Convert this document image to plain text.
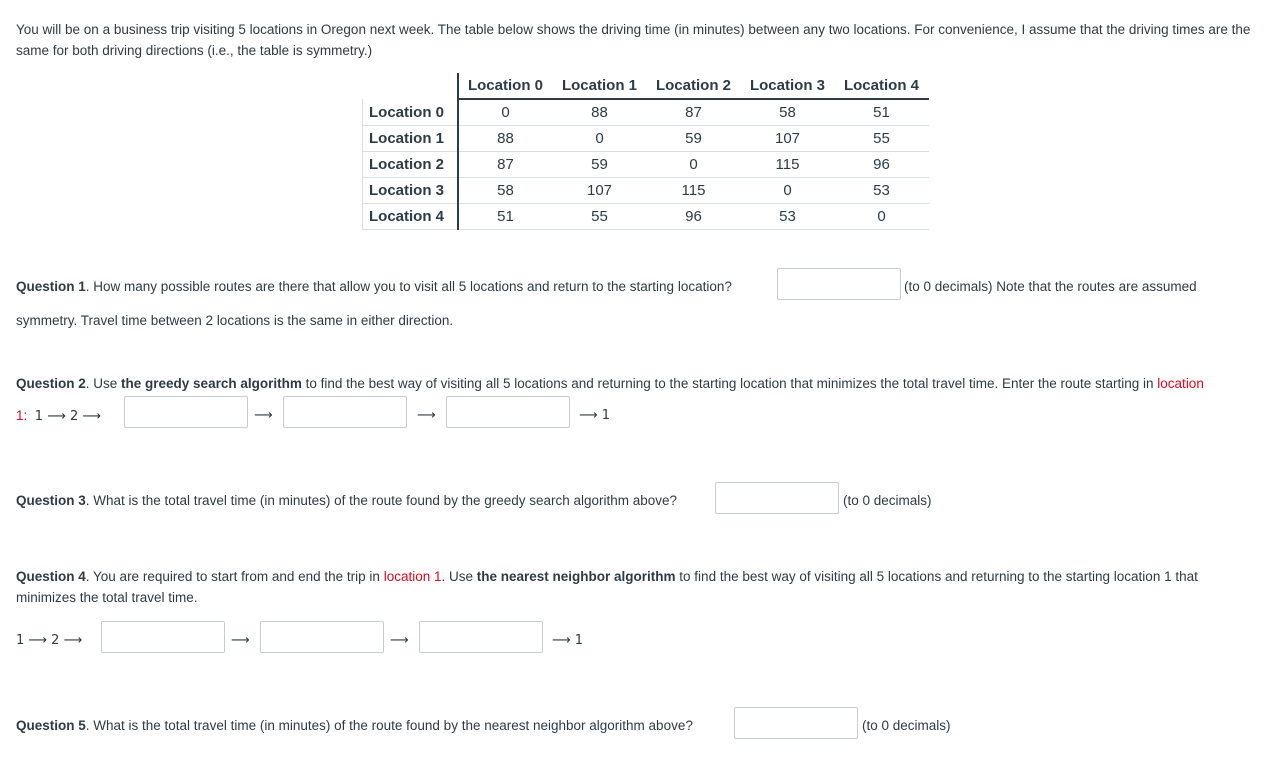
You will be on a business trip visiting 5 locations in Oregon next week. The table below shows the driving time (in minutes) between any two locations. For convenience, I assume that the driving times are the same for both driving directions (i.e., the table is symmetry.)

	Location 0	Location 1	Location 2	Location 3	Location 4
Location 0	0	88	87	58	51
Location 1	88	0	59	107	55
Location 2	87	59	0	115	96
Location 3	58	107	115	0	53
Location 4	51	55	96	53	0
Question 1. How many possible routes are there that allow you to visit all 5 locations and return to the starting location?	(to 0 decimals) Note that the routes are assumed
symmetry. Travel time between 2 locations is the same in either direction.
Question 2. Use the greedy search algorithm to find the best way of visiting all 5 locations and returning to the starting location that minimizes the total travel time. Enter the route starting in location
1: 1 ⟶ 2 ⟶	⟶	⟶	⟶ 1
Question 3. What is the total travel time (in minutes) of the route found by the greedy search algorithm above?	(to 0 decimals)
Question 4. You are required to start from and end the trip in location 1. Use the nearest neighbor algorithm to find the best way of visiting all 5 locations and returning to the starting location 1 that
minimizes the total travel time.
1 ⟶ 2 ⟶	⟶	⟶	⟶ 1
Question 5. What is the total travel time (in minutes) of the route found by the nearest neighbor algorithm above?	(to 0 decimals)
